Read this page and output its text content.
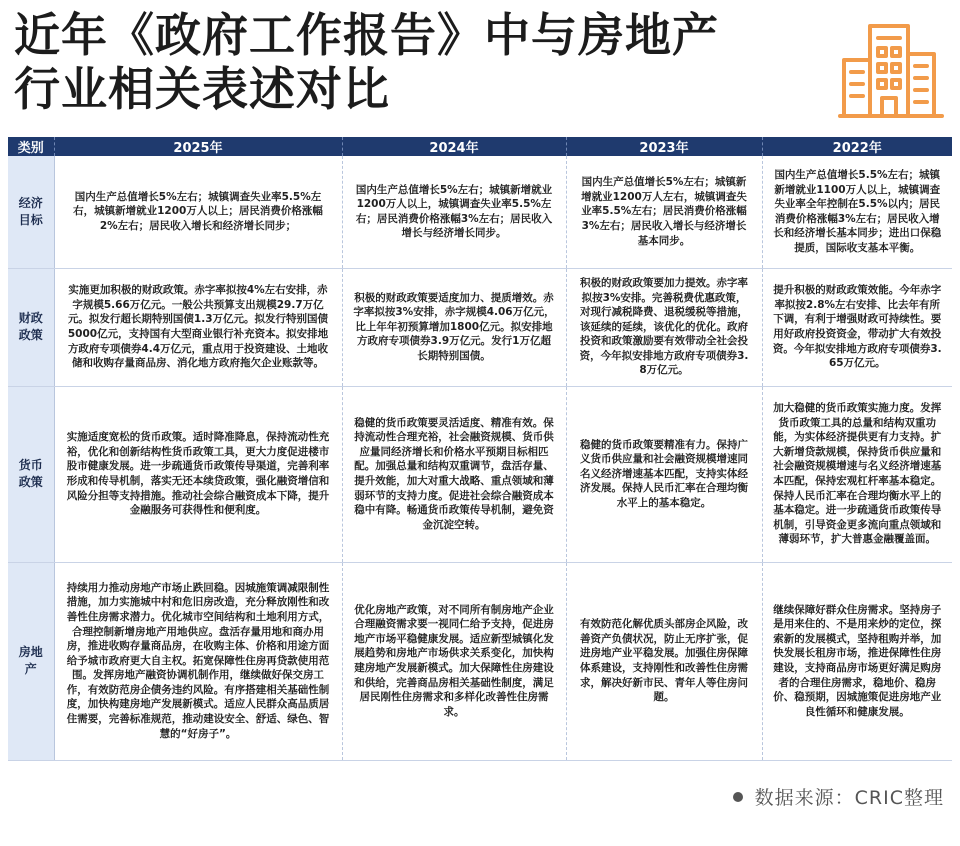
近年《政府工作报告》中与房地产
行业相关表述对比
类别	2025年	2024年	2023年	2022年
经济目标	国内生产总值增长5%左右；城镇调查失业率5.5%左右，城镇新增就业1200万人以上；居民消费价格涨幅2%左右；居民收入增长和经济增长同步；	国内生产总值增长5%左右；城镇新增就业1200万人以上，城镇调查失业率5.5%左右；居民消费价格涨幅3%左右；居民收入增长与经济增长同步。	国内生产总值增长5%左右；城镇新增就业1200万人左右，城镇调查失业率5.5%左右；居民消费价格涨幅3%左右；居民收入增长与经济增长基本同步。	国内生产总值增长5.5%左右；城镇新增就业1100万人以上，城镇调查失业率全年控制在5.5%以内；居民消费价格涨幅3%左右；居民收入增长和经济增长基本同步；进出口保稳提质，国际收支基本平衡。
财政政策	实施更加积极的财政政策。赤字率拟按4%左右安排，赤字规模5.66万亿元。一般公共预算支出规模29.7万亿元。拟发行超长期特别国债1.3万亿元。拟发行特别国债5000亿元，支持国有大型商业银行补充资本。拟安排地方政府专项债券4.4万亿元，重点用于投资建设、土地收储和收购存量商品房、消化地方政府拖欠企业账款等。	积极的财政政策要适度加力、提质增效。赤字率拟按3%安排，赤字规模4.06万亿元，比上年年初预算增加1800亿元。拟安排地方政府专项债券3.9万亿元。发行1万亿超长期特别国债。	积极的财政政策要加力提效。赤字率拟按3%安排。完善税费优惠政策，对现行减税降费、退税缓税等措施，该延续的延续，该优化的优化。政府投资和政策激励要有效带动全社会投资，今年拟安排地方政府专项债券3.8万亿元。	提升积极的财政政策效能。今年赤字率拟按2.8%左右安排、比去年有所下调，有利于增强财政可持续性。要用好政府投资资金，带动扩大有效投资。今年拟安排地方政府专项债券3.65万亿元。
货币政策	实施适度宽松的货币政策。适时降准降息，保持流动性充裕，优化和创新结构性货币政策工具，更大力度促进楼市股市健康发展。进一步疏通货币政策传导渠道，完善利率形成和传导机制，落实无还本续贷政策，强化融资增信和风险分担等支持措施。推动社会综合融资成本下降，提升金融服务可获得性和便利度。	稳健的货币政策要灵活适度、精准有效。保持流动性合理充裕，社会融资规模、货币供应量同经济增长和价格水平预期目标相匹配。加强总量和结构双重调节，盘活存量、提升效能，加大对重大战略、重点领域和薄弱环节的支持力度。促进社会综合融资成本稳中有降。畅通货币政策传导机制，避免资金沉淀空转。	稳健的货币政策要精准有力。保持广义货币供应量和社会融资规模增速同名义经济增速基本匹配，支持实体经济发展。保持人民币汇率在合理均衡水平上的基本稳定。	加大稳健的货币政策实施力度。发挥货币政策工具的总量和结构双重功能，为实体经济提供更有力支持。扩大新增贷款规模，保持货币供应量和社会融资规模增速与名义经济增速基本匹配，保持宏观杠杆率基本稳定。保持人民币汇率在合理均衡水平上的基本稳定。进一步疏通货币政策传导机制，引导资金更多流向重点领域和薄弱环节，扩大普惠金融覆盖面。
房地产	持续用力推动房地产市场止跌回稳。因城施策调减限制性措施，加力实施城中村和危旧房改造，充分释放刚性和改善性住房需求潜力。优化城市空间结构和土地利用方式，合理控制新增房地产用地供应。盘活存量用地和商办用房，推进收购存量商品房，在收购主体、价格和用途方面给予城市政府更大自主权。拓宽保障性住房再贷款使用范围。发挥房地产融资协调机制作用，继续做好保交房工作，有效防范房企债务违约风险。有序搭建相关基础性制度，加快构建房地产发展新模式。适应人民群众高品质居住需要，完善标准规范，推动建设安全、舒适、绿色、智慧的“好房子”。	优化房地产政策，对不同所有制房地产企业合理融资需求要一视同仁给予支持，促进房地产市场平稳健康发展。适应新型城镇化发展趋势和房地产市场供求关系变化，加快构建房地产发展新模式。加大保障性住房建设和供给，完善商品房相关基础性制度，满足居民刚性住房需求和多样化改善性住房需求。	有效防范化解优质头部房企风险，改善资产负债状况，防止无序扩张，促进房地产业平稳发展。加强住房保障体系建设，支持刚性和改善性住房需求，解决好新市民、青年人等住房问题。	继续保障好群众住房需求。坚持房子是用来住的、不是用来炒的定位，探索新的发展模式，坚持租购并举，加快发展长租房市场，推进保障性住房建设，支持商品房市场更好满足购房者的合理住房需求，稳地价、稳房价、稳预期，因城施策促进房地产业良性循环和健康发展。
数据来源：CRIC整理
